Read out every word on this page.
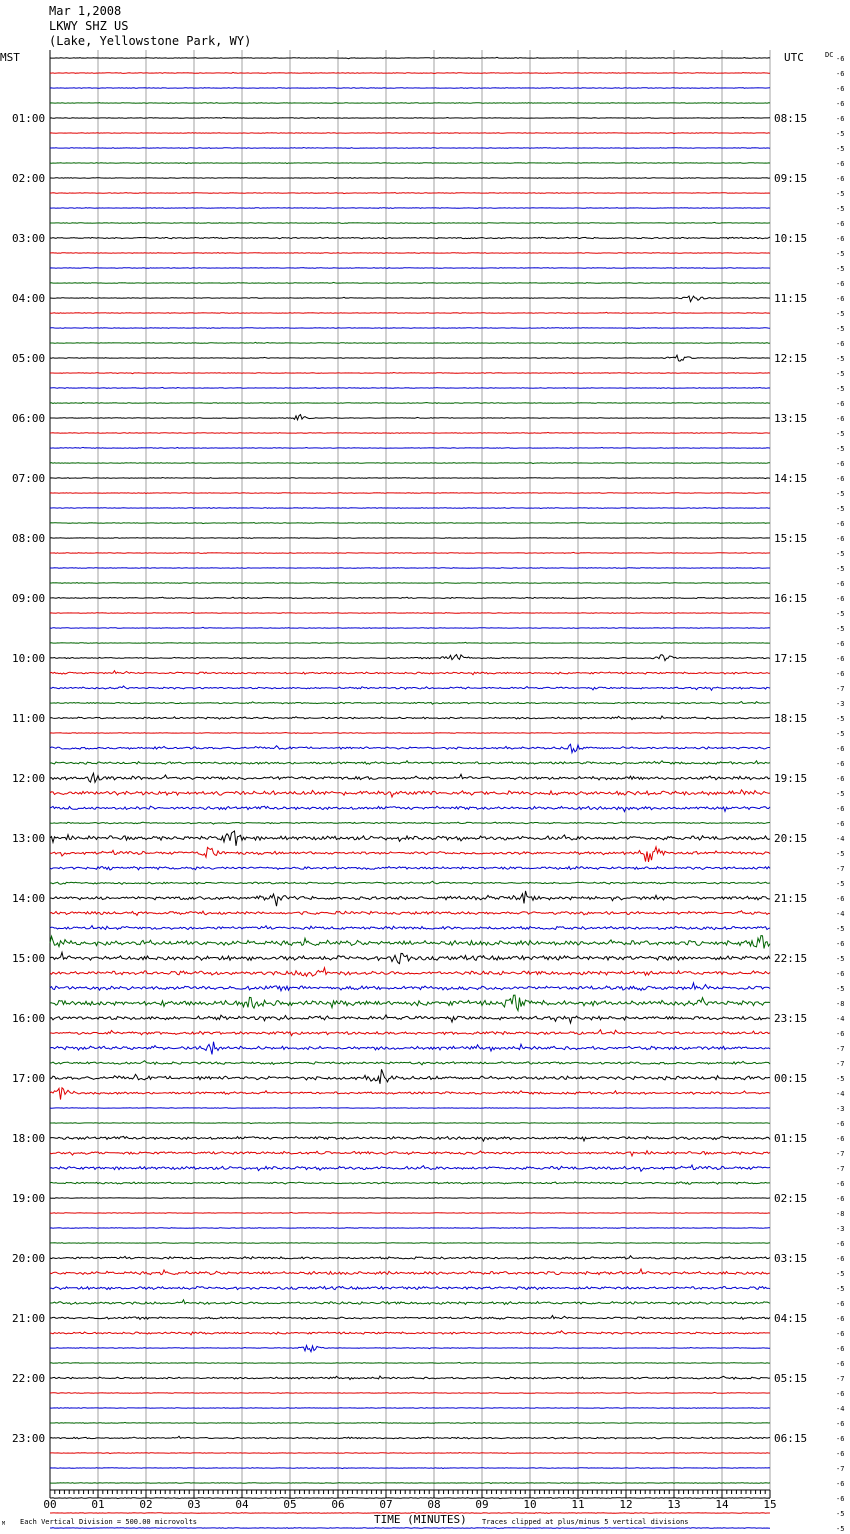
Mar 1,2008
LKWY SHZ US
(Lake, Yellowstone Park, WY)
01:00
02:00
03:00
04:00
05:00
06:00
07:00
08:00
09:00
10:00
11:00
12:00
13:00
14:00
15:00
16:00
17:00
18:00
19:00
20:00
21:00
22:00
23:00
08:15
09:15
10:15
11:15
12:15
13:15
14:15
15:15
16:15
17:15
18:15
19:15
20:15
21:15
22:15
23:15
00:15
01:15
02:15
03:15
04:15
05:15
06:15
-6
-6
-6
-6
-6
-5
-5
-6
-6
-5
-5
-6
-6
-5
-5
-6
-6
-5
-5
-6
-5
-5
-5
-6
-6
-5
-5
-6
-6
-5
-5
-6
-6
-5
-5
-6
-6
-5
-5
-6
-6
-6
-7
-3
-5
-5
-6
-6
-6
-5
-6
-6
-4
-5
-7
-5
-6
-4
-5
-6
-5
-6
-5
-8
-4
-6
-7
-7
-5
-4
-3
-6
-6
-7
-7
-6
-6
-8
-3
-6
-6
-5
-5
-6
-6
-6
-6
-6
-7
-6
-4
-6
-6
-6
-7
-6
-6
-5
-5
00	01	02	03	04	05	06	07	08	09	10	11	12	13	14	15
MST	UTC	DC
TIME (MINUTES)
Each Vertical Division = 500.00 microvolts	Traces clipped at plus/minus 5 vertical divisions
M
